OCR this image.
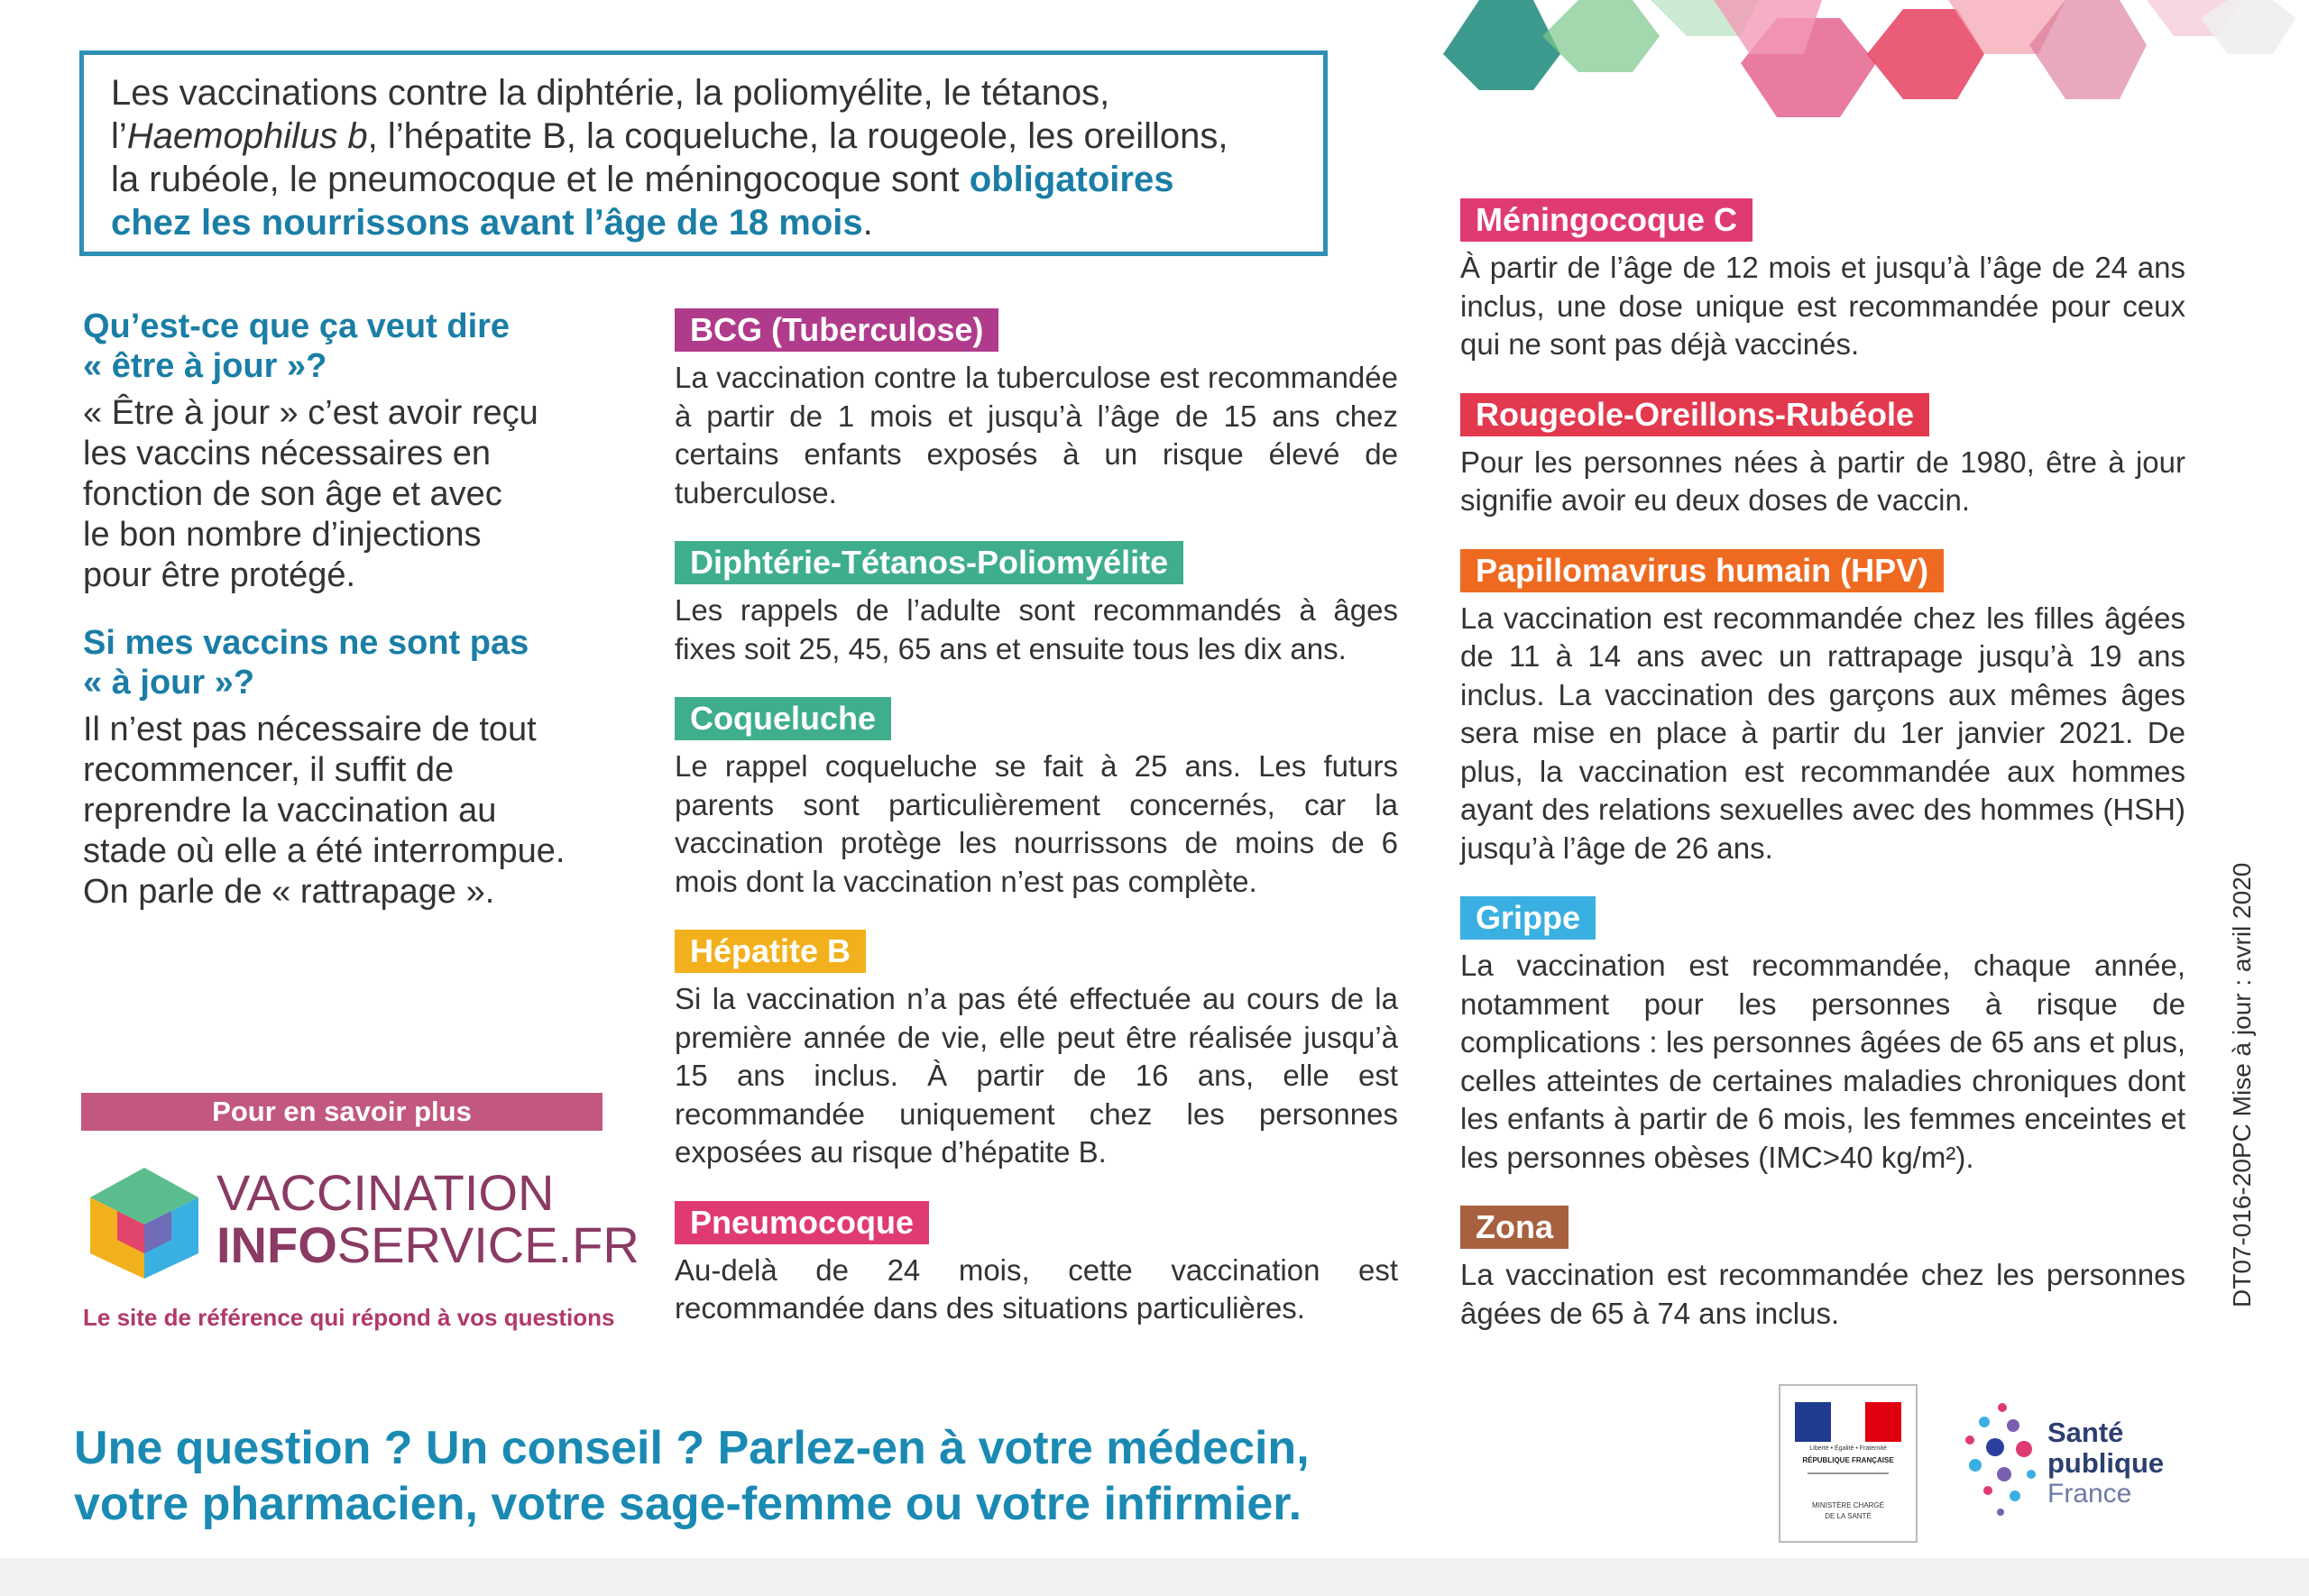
Les vaccinations contre la diphtérie, la poliomyélite, le tétanos,
l’Haemophilus b, l’hépatite B, la coqueluche, la rougeole, les oreillons,
la rubéole, le pneumocoque et le méningocoque sont obligatoires
chez les nourrissons avant l’âge de 18 mois.

Qu’est-ce que ça veut dire

« être à jour »?

« Être à jour » c’est avoir reçu

les vaccins nécessaires en

fonction de son âge et avec

le bon nombre d’injections

pour être protégé.

Si mes vaccins ne sont pas

« à jour »?

Il n’est pas nécessaire de tout

recommencer, il suffit de

reprendre la vaccination au

stade où elle a été interrompue.

On parle de « rattrapage ».

Pour en savoir plus
VACCINATION
INFOSERVICE.FR
Le site de référence qui répond à vos questions
BCG (Tuberculose)

La vaccination contre la tuberculose est recommandée à partir de 1 mois et jusqu’à l’âge de 15 ans chez certains enfants exposés à un risque élevé de tuberculose.

Diphtérie-Tétanos-Poliomyélite

Les rappels de l’adulte sont recommandés à âges fixes soit 25, 45, 65 ans et ensuite tous les dix ans.

Coqueluche

Le rappel coqueluche se fait à 25 ans. Les futurs parents sont particulièrement concernés, car la vaccination protège les nourrissons de moins de 6 mois dont la vaccination n’est pas complète.

Hépatite B

Si la vaccination n’a pas été effectuée au cours de la première année de vie, elle peut être réalisée jusqu’à 15 ans inclus. À partir de 16 ans, elle est recommandée uniquement chez les personnes exposées au risque d’hépatite B.

Pneumocoque

Au-delà de 24 mois, cette vaccination est recommandée dans des situations particulières.

Méningocoque C

À partir de l’âge de 12 mois et jusqu’à l’âge de 24 ans inclus, une dose unique est recommandée pour ceux qui ne sont pas déjà vaccinés.

Rougeole-Oreillons-Rubéole

Pour les personnes nées à partir de 1980, être à jour signifie avoir eu deux doses de vaccin.

Papillomavirus humain (HPV)

La vaccination est recommandée chez les filles âgées de 11 à 14 ans avec un rattrapage jusqu’à 19 ans inclus. La vaccination des garçons aux mêmes âges sera mise en place à partir du 1er janvier 2021. De plus, la vaccination est recommandée aux hommes ayant des relations sexuelles avec des hommes (HSH) jusqu’à l’âge de 26 ans.

Grippe

La vaccination est recommandée, chaque année, notamment pour les personnes à risque de complications : les personnes âgées de 65 ans et plus, celles atteintes de certaines maladies chroniques dont les enfants à partir de 6 mois, les femmes enceintes et les personnes obèses (IMC>40 kg/m²).

Zona

La vaccination est recommandée chez les personnes âgées de 65 à 74 ans inclus.

DT07-016-20PC Mise à jour : avril 2020
Une question ? Un conseil ? Parlez-en à votre médecin,
votre pharmacien, votre sage-femme ou votre infirmier.
Liberté • Égalité • Fraternité
RÉPUBLIQUE FRANÇAISE
MINISTÈRE CHARGÉ
DE LA SANTÉ
Santé
publique
France
